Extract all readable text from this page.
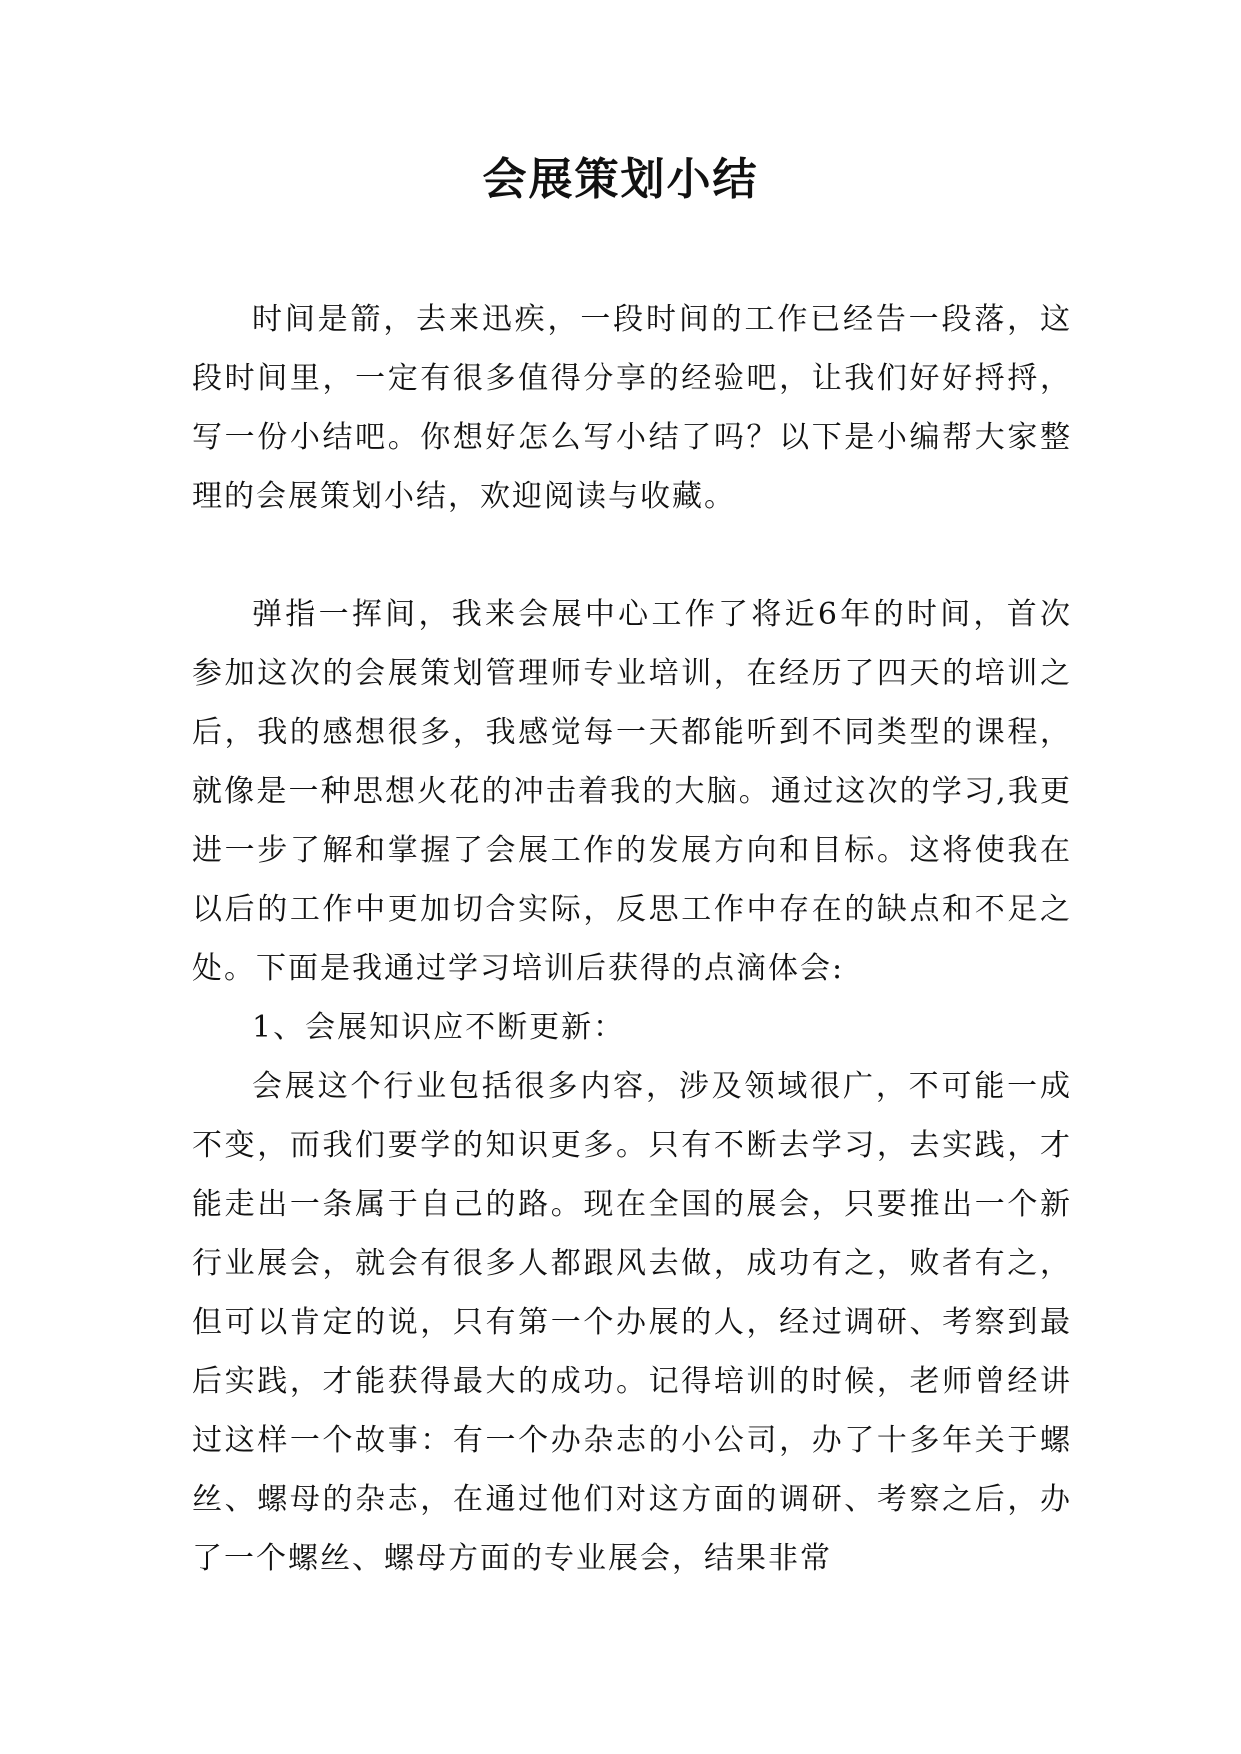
会展策划小结

时间是箭，去来迅疾，一段时间的工作已经告一段落，这段时间里，一定有很多值得分享的经验吧，让我们好好捋捋，写一份小结吧。你想好怎么写小结了吗？以下是小编帮大家整理的会展策划小结，欢迎阅读与收藏。

弹指一挥间，我来会展中心工作了将近6年的时间，首次参加这次的会展策划管理师专业培训，在经历了四天的培训之后，我的感想很多，我感觉每一天都能听到不同类型的课程，就像是一种思想火花的冲击着我的大脑。通过这次的学习,我更进一步了解和掌握了会展工作的发展方向和目标。这将使我在以后的工作中更加切合实际，反思工作中存在的缺点和不足之处。下面是我通过学习培训后获得的点滴体会:

1、会展知识应不断更新：

会展这个行业包括很多内容，涉及领域很广，不可能一成不变，而我们要学的知识更多。只有不断去学习，去实践，才能走出一条属于自己的路。现在全国的展会，只要推出一个新行业展会，就会有很多人都跟风去做，成功有之，败者有之，但可以肯定的说，只有第一个办展的人，经过调研、考察到最后实践，才能获得最大的成功。记得培训的时候，老师曾经讲过这样一个故事：有一个办杂志的小公司，办了十多年关于螺丝、螺母的杂志，在通过他们对这方面的调研、考察之后，办了一个螺丝、螺母方面的专业展会，结果非常
